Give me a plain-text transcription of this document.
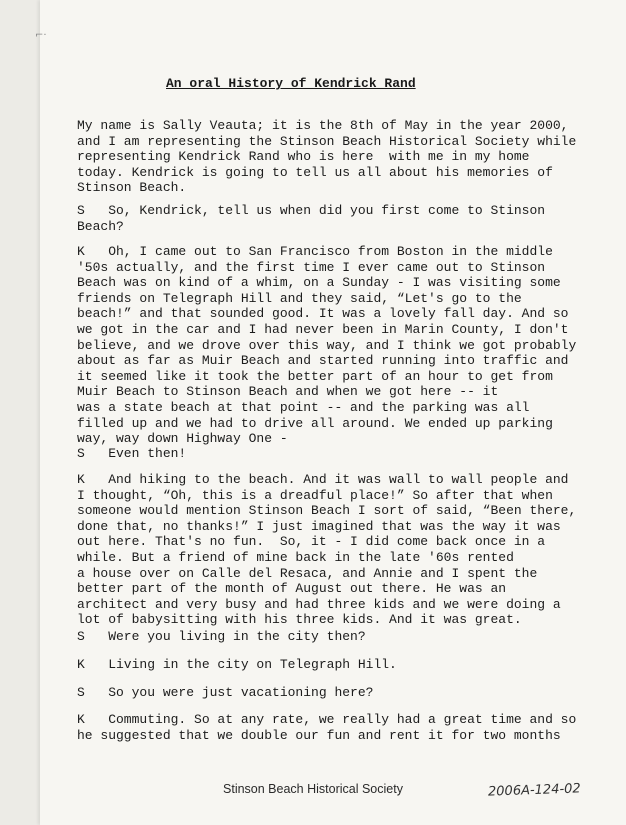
⌐·
An oral History of Kendrick Rand

My name is Sally Veauta; it is the 8th of May in the year 2000,
and I am representing the Stinson Beach Historical Society while
representing Kendrick Rand who is here  with me in my home
today. Kendrick is going to tell us all about his memories of
Stinson Beach.

S   So, Kendrick, tell us when did you first come to Stinson
Beach?

K   Oh, I came out to San Francisco from Boston in the middle
'50s actually, and the first time I ever came out to Stinson
Beach was on kind of a whim, on a Sunday - I was visiting some
friends on Telegraph Hill and they said, “Let's go to the
beach!” and that sounded good. It was a lovely fall day. And so
we got in the car and I had never been in Marin County, I don't
believe, and we drove over this way, and I think we got probably
about as far as Muir Beach and started running into traffic and
it seemed like it took the better part of an hour to get from
Muir Beach to Stinson Beach and when we got here -- it
was a state beach at that point -- and the parking was all
filled up and we had to drive all around. We ended up parking
way, way down Highway One -

S   Even then!

K   And hiking to the beach. And it was wall to wall people and
I thought, “Oh, this is a dreadful place!” So after that when
someone would mention Stinson Beach I sort of said, “Been there,
done that, no thanks!” I just imagined that was the way it was
out here. That's no fun.  So, it - I did come back once in a
while. But a friend of mine back in the late '60s rented
a house over on Calle del Resaca, and Annie and I spent the
better part of the month of August out there. He was an
architect and very busy and had three kids and we were doing a
lot of babysitting with his three kids. And it was great.

S   Were you living in the city then?

K   Living in the city on Telegraph Hill.

S   So you were just vacationing here?

K   Commuting. So at any rate, we really had a great time and so
he suggested that we double our fun and rent it for two months

Stinson Beach Historical Society	2006A-124-02
